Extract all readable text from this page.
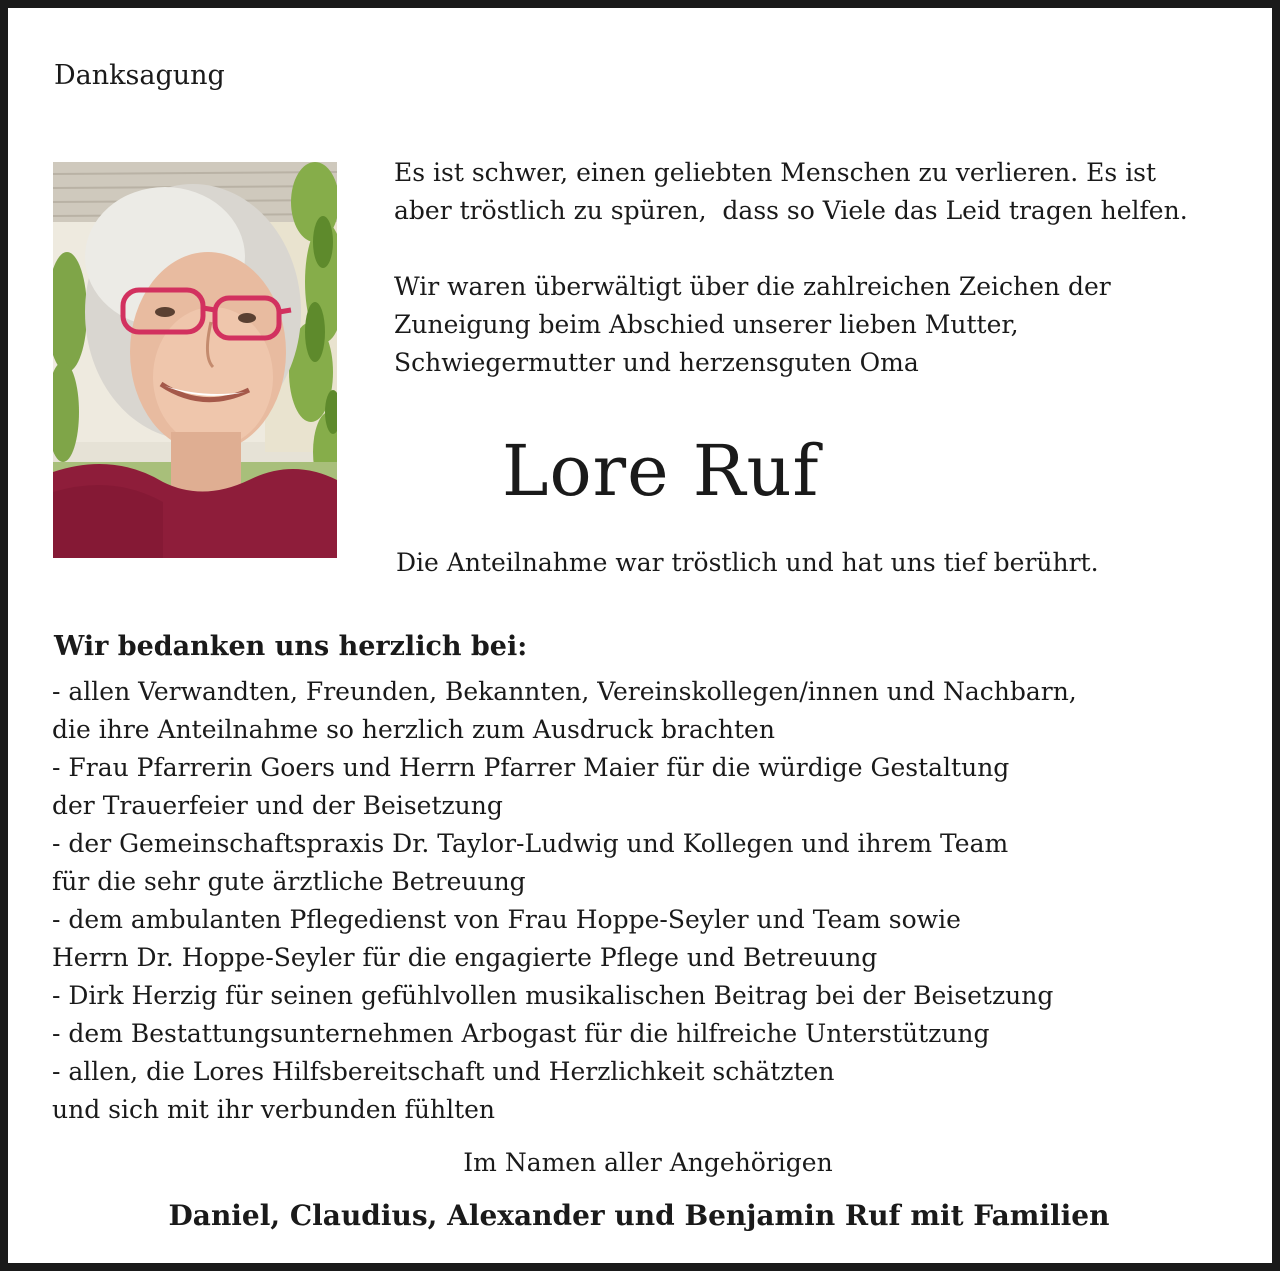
Danksagung

Es ist schwer, einen geliebten Menschen zu verlieren. Es ist
aber tröstlich zu spüren,  dass so Viele das Leid tragen helfen.

Wir waren überwältigt über die zahlreichen Zeichen der
Zuneigung beim Abschied unserer lieben Mutter,
Schwiegermutter und herzensguten Oma

Lore Ruf
Die Anteilnahme war tröstlich und hat uns tief berührt.
Wir bedanken uns herzlich bei:
- allen Verwandten, Freunden, Bekannten, Vereinskollegen/innen und Nachbarn,
die ihre Anteilnahme so herzlich zum Ausdruck brachten
- Frau Pfarrerin Goers und Herrn Pfarrer Maier für die würdige Gestaltung
der Trauerfeier und der Beisetzung
- der Gemeinschaftspraxis Dr. Taylor-Ludwig und Kollegen und ihrem Team
für die sehr gute ärztliche Betreuung
- dem ambulanten Pflegedienst von Frau Hoppe-Seyler und Team sowie
Herrn Dr. Hoppe-Seyler für die engagierte Pflege und Betreuung
- Dirk Herzig für seinen gefühlvollen musikalischen Beitrag bei der Beisetzung
- dem Bestattungsunternehmen Arbogast für die hilfreiche Unterstützung
- allen, die Lores Hilfsbereitschaft und Herzlichkeit schätzten
und sich mit ihr verbunden fühlten
Im Namen aller Angehörigen
Daniel, Claudius, Alexander und Benjamin Ruf mit Familien
